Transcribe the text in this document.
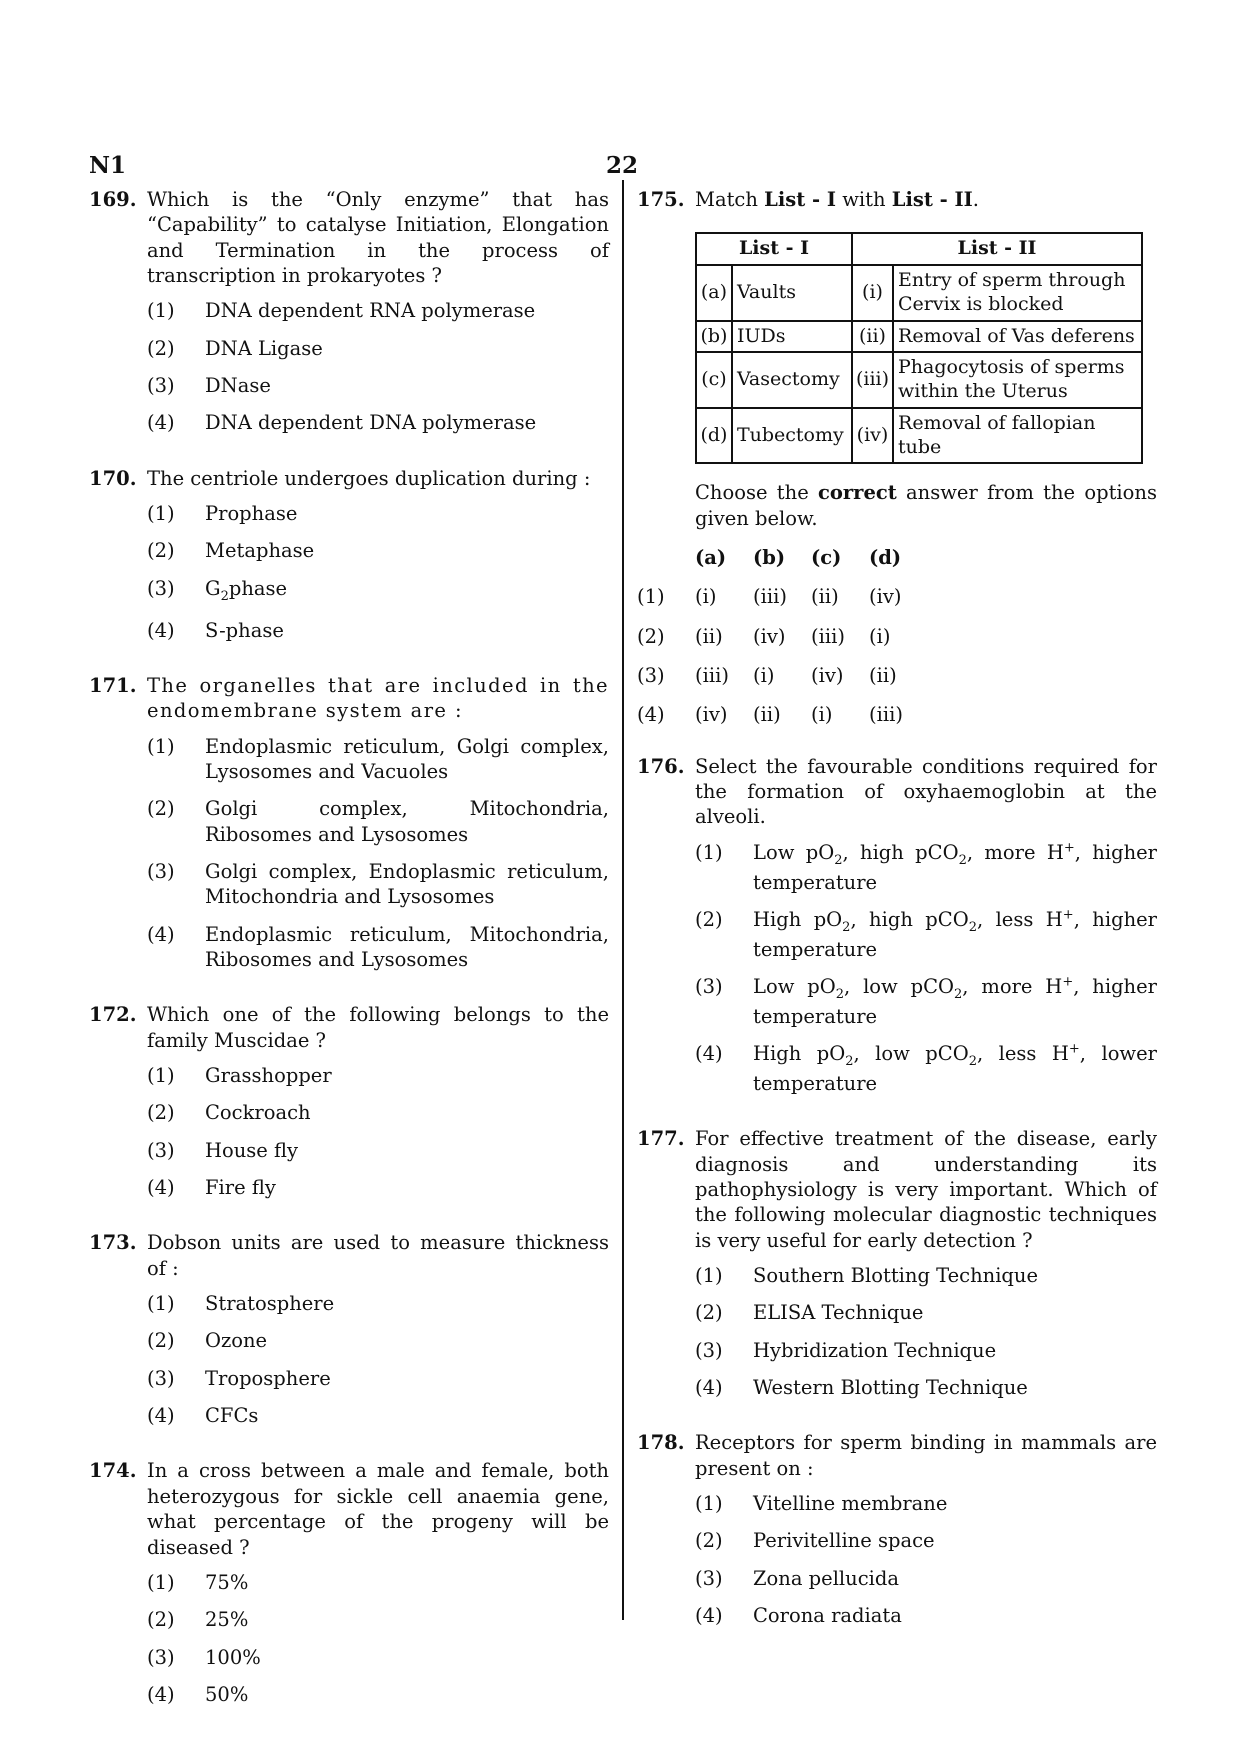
N1	22
169. Which is the “Only enzyme” that has “Capability” to catalyse Initiation, Elongation and Termination in the process of transcription in prokaryotes ?
(1) DNA dependent RNA polymerase
(2) DNA Ligase
(3) DNase
(4) DNA dependent DNA polymerase
170. The centriole undergoes duplication during :
(1) Prophase
(2) Metaphase
(3) $G_2phase$
(4) S-phase
171. The organelles that are included in the endomembrane system are :
(1) Endoplasmic reticulum, Golgi complex, Lysosomes and Vacuoles
(2) Golgi complex, Mitochondria, Ribosomes and Lysosomes
(3) Golgi complex, Endoplasmic reticulum, Mitochondria and Lysosomes
(4) Endoplasmic reticulum, Mitochondria, Ribosomes and Lysosomes
172. Which one of the following belongs to the family Muscidae ?
(1) Grasshopper
(2) Cockroach
(3) House fly
(4) Fire fly
173. Dobson units are used to measure thickness of :
(1) Stratosphere
(2) Ozone
(3) Troposphere
(4) CFCs
174. In a cross between a male and female, both heterozygous for sickle cell anaemia gene, what percentage of the progeny will be diseased ?
(1) 75%
(2) 25%
(3) 100%
(4) 50%
175. Match List - I with List - II.
List - I		List - II	
(a)	Vaults	(i)	Entry of sperm through Cervix is blocked
(b)	IUDs	(ii)	Removal of Vas deferens
(c)	Vasectomy	(iii)	Phagocytosis of sperms within the Uterus
(d)	Tubectomy	(iv)	Removal of fallopian tube
Choose the correct answer from the options given below.
(a)	(b)	(c)	(d)
(1)	(i)	(iii)	(ii)	(iv)
(2)	(ii)	(iv)	(iii)	(i)
(3)	(iii)	(i)	(iv)	(ii)
(4)	(iv)	(ii)	(i)	(iii)
176. Select the favourable conditions required for the formation of oxyhaemoglobin at the alveoli.
(1) Low $pO_2$, high pCO$_2$, more H+, higher temperature
(2) High $pO_2$, high pCO$_2$, less H+, higher temperature
(3) Low $pO_2$, low pCO$_2$, more H+, higher temperature
(4) High $pO_2$, low pCO$_2$, less H+, lower temperature
177. For effective treatment of the disease, early diagnosis and understanding its pathophysiology is very important. Which of the following molecular diagnostic techniques is very useful for early detection ?
(1) Southern Blotting Technique
(2) ELISA Technique
(3) Hybridization Technique
(4) Western Blotting Technique
178. Receptors for sperm binding in mammals are present on :
(1) Vitelline membrane
(2) Perivitelline space
(3) Zona pellucida
(4) Corona radiata
